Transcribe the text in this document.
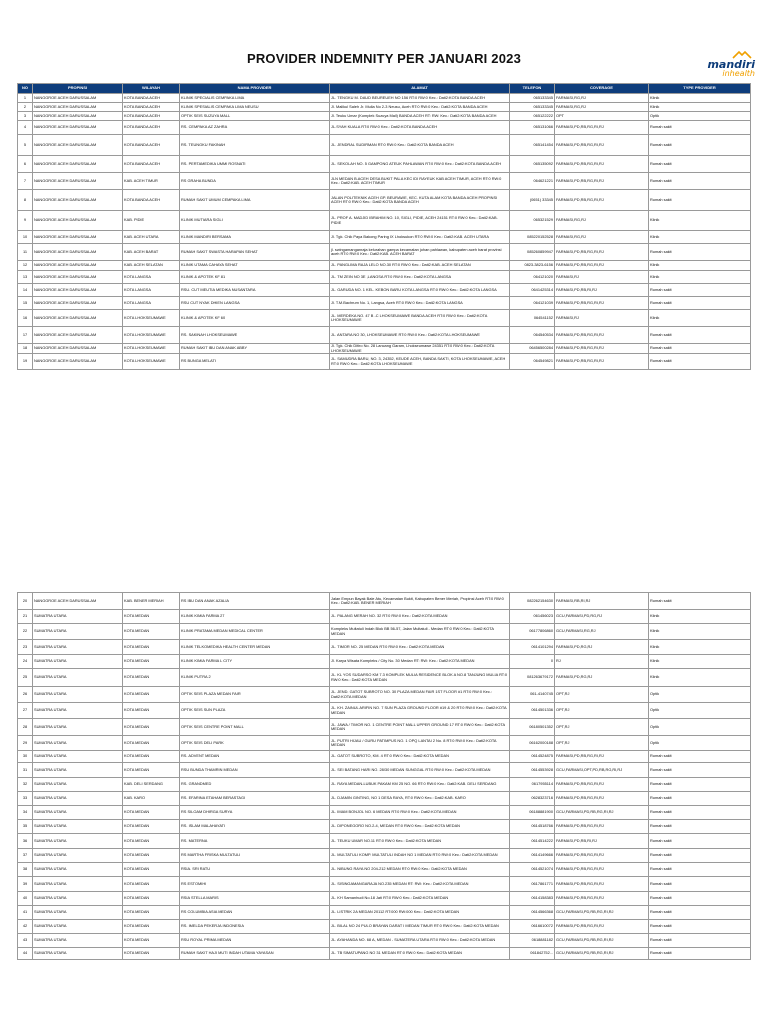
PROVIDER INDEMNITY PER JANUARI 2023	mandiri
inhealth
NO	PROPINSI	WILAYAH	NAMA PROVIDER	ALAMAT	TELEFON	COVERAGE	TYPE PROVIDER
1	NANGGROE ACEH DARUSSALAM	KOTA BANDA ACEH	KLINIK SPECIALIS CEMPAKA LIMA	JL. TENGKU M. DAUD BEUREUEH NO 156 RT:0 RW:0 Kec.: Dati2:KOTA BANDA ACEH	065133345	FARMASI,RG,RJ	Klinik
2	NANGGROE ACEH DARUSSALAM	KOTA BANDA ACEH	KLINIK SPESIALIS CEMPAKA LIMA NEUSU	Jl. Malikul Saleh Jr. Mulia No 2-3 Neusu, Aceh RT:0 RW:0 Kec.: Dati2:KOTA BANDA ACEH	065133345	FARMASI,RG,RJ	Klinik
3	NANGGROE ACEH DARUSSALAM	KOTA BANDA ACEH	OPTIK SEIS SUZUYA MALL	Jl. Teuku Umar (Komplek Suzuya Mall) BANDA ACEH RT: RW: Kec.: Dati2:KOTA BANDA ACEH	065122222	OPT	Optik
4	NANGGROE ACEH DARUSSALAM	KOTA BANDA ACEH	RS. CEMPAKA AZ ZAHRA	JL.SYAH KUALA RT:0 RW:0 Kec.: Dati2:KOTA BANDA ACEH	065131066	FARMASI,PD,RB,RG,RI,RJ	Rumah sakit
5	NANGGROE ACEH DARUSSALAM	KOTA BANDA ACEH	RS. TEUNGKU FAKINAH	JL. JENDRAL SUDIRMAN RT:0 RW:0 Kec.: Dati2:KOTA BANDA ACEH	065141454	FARMASI,PD,RB,RG,RI,RJ	Rumah sakit
6	NANGGROE ACEH DARUSSALAM	KOTA BANDA ACEH	RS. PERTAMEDIKA UMMI ROSNATI	JL. SEKOLAH NO. 5 GAMPONG ATEUK PAHLAWAN RT:0 RW:0 Kec.: Dati2:KOTA BANDA ACEH	065135092	FARMASI,PD,RB,RG,RI,RJ	Rumah sakit
7	NANGGROE ACEH DARUSSALAM	KAB. ACEH TIMUR	RS GRAHA BUNDA	JLN MEDAN B.ACEH DESA BUKIT PALA KEC IDI RAYEUK KAB ACEH TIMUR, ACEH RT:0 RW:0 Kec.: Dati2:KAB. ACEH TIMUR	064621221	FARMASI,PD,RB,RG,RI,RJ	Rumah sakit
8	NANGGROE ACEH DARUSSALAM	KOTA BANDA ACEH	RUMAH SAKIT UMUM CEMPAKA LIMA	JALAN POLITEKNIK ACEH GP. BEURAWE, KEC. KUTA ALAM KOTA BANDA ACEH PROPINSI ACEH RT:0 RW:0 Kec.: Dati2:KOTA BANDA ACEH	(0651) 33345	FARMASI,PD,RB,RG,RI,RJ	Rumah sakit
9	NANGGROE ACEH DARUSSALAM	KAB. PIDIE	KLINIK MUTIARA SIGLI	JL. PROF A. MADJID IBRAHIM NO. 10, SIGLI, PIDIE, ACEH 24151 RT:0 RW:0 Kec.: Dati2:KAB. PIDIE	065321529	FARMASI,RG,RJ	Klinik
10	NANGGROE ACEH DARUSSALAM	KAB. ACEH UTARA	KLINIK MANDIRI BERSAMA	Jl. Tgk. Chik Paya Bakong Paring IX Lhoksukon RT:0 RW:0 Kec.: Dati2:KAB. ACEH UTARA	085220152528	FARMASI,RG,RJ	Klinik
11	NANGGROE ACEH DARUSSALAM	KAB. ACEH BARAT	RUMAH SAKIT SWASTA HARAPAN SEHAT	jl. swingamanganraja kelurahan gampa kecamatan johan pahlawan, kabupaten aceh barat provinsi aceh RT:0 RW:0 Kec.: Dati2:KAB. ACEH BARAT	085260859947	FARMASI,PD,RB,RG,RI,RJ	Rumah sakit
12	NANGGROE ACEH DARUSSALAM	KAB. ACEH SELATAN	KLINIK UTAMA CAHAYA SEHAT	JL. PANGLIMA RAJA LELO NO.30 RT:0 RW:0 Kec.: Dati2:KAB. ACEH SELATAN	0823-3823-6156	FARMASI,PD,RB,RG,RI,RJ	Klinik
13	NANGGROE ACEH DARUSSALAM	KOTA LANGSA	KLINIK & APOTEK KF 81	JL. TM ZEIN NO 3E ,LANGSA RT:0 RW:0 Kec.: Dati2:KOTA LANGSA	064121020	FARMASI,RJ	Klinik
14	NANGGROE ACEH DARUSSALAM	KOTA LANGSA	RSU. CUT MEUTIA MEDIKA NUSANTARA	JL. GARUDA NO. 1 KEL. KEBON BARU KOTA LANGSA RT:0 RW:0 Kec.: Dati2:KOTA LANGSA	0641425314	FARMASI,PD,RB,RI,RJ	Rumah sakit
15	NANGGROE ACEH DARUSSALAM	KOTA LANGSA	RSU CUT NYAK DHIEN LANGSA	Jl. T.M.Bachrum No. 1, Langsa, Aceh RT:0 RW:0 Kec.: Dati2:KOTA LANGSA	064121039	FARMASI,PD,RB,RG,RI,RJ	Rumah sakit
16	NANGGROE ACEH DARUSSALAM	KOTA LHOKSEUMAWE	KLINIK & APOTEK KF 60	JL. MERDEKA NO. 47 B -C LHOKSEUMAWE BANDA ACEH RT:0 RW:0 Kec.: Dati2:KOTA LHOKSEUMAWE	064541152	FARMASI,RJ	Klinik
17	NANGGROE ACEH DARUSSALAM	KOTA LHOKSEUMAWE	RS. SAKINAH LHOKSEUMAWE	JL. ANTARA NO 30, LHOKSEUMAWE RT:0 RW:0 Kec.: Dati2:KOTA LHOKSEUMAWE	064540534	FARMASI,PD,RB,RG,RI,RJ	Rumah sakit
18	NANGGROE ACEH DARUSSALAM	KOTA LHOKSEUMAWE	RUMAH SAKIT IBU DAN ANAK ABBY	Jl. Tgk. Chik Ditiro No. 28 Lancang Garam, Lhokseumawe 24351 RT:0 RW:0 Kec.: Dati2:KOTA LHOKSEUMAWE	06456500284	FARMASI,PD,RB,RG,RI,RJ	Rumah sakit
19	NANGGROE ACEH DARUSSALAM	KOTA LHOKSEUMAWE	RS BUNGA MELATI	JL. SAMUDRA BARU, NO. 3, 24352, KEUDE ACEH, BANDA SAKTI, KOTA LHOKSEUMAWE, ACEH RT:0 RW:0 Kec.: Dati2:KOTA LHOKSEUMAWE	064549821	FARMASI,PD,RB,RG,RI,RJ	Rumah sakit
20	NANGGROE ACEH DARUSSALAM	KAB. BENER MERIAH	RS IBU DAN ANAK AZALIA	Jalan Empun Bayak Bale Atu, Kecamatan Bukit, Kabupaten Bener Meriah, Propinsi Aceh RT:0 RW:0 Kec.: Dati2:KAB. BENER MERIAH	082262154630	FARMASI,RB,RI,RJ	Rumah sakit
21	SUMATRA UTARA	KOTA MEDAN	KLINIK KIMIA FARMA 27	JL. PALANG MERAH NO. 32 RT:0 RW:0 Kec.: Dati2:KOTA MEDAN	061456023	GCU,FARMASI,PD,RG,RJ	Klinik
22	SUMATRA UTARA	KOTA MEDAN	KLINIK PRATAMA MEDAN MEDICAL CENTER	Kompleks Multatuli Indah Blok BB 56-57, Jalan Multatuli - Medan RT:0 RW:0 Kec.: Dati2:KOTA MEDAN	06177806860	GCU,FARMASI,RG,RJ	Klinik
23	SUMATRA UTARA	KOTA MEDAN	KLINIK TELKOMEDIKA HEALTH CENTER MEDAN	JL. TIMOR NO. 25 MEDAN RT:0 RW:0 Kec.: Dati2:KOTA MEDAN	0614101294	FARMASI,PD,RG,RJ	Klinik
24	SUMATRA UTARA	KOTA MEDAN	KLINIK KIMIA FARMA L CITY	Jl. Karya Wisata Kompleks / City No. 30 Medan RT: RW: Kec.: Dati2:KOTA MEDAN	0	RJ	Klinik
25	SUMATRA UTARA	KOTA MEDAN	KLINIK PUTRA 2	JL. KL YOS SUDARSO KM 7.3 KOMPLEK MULIA RESIDENCE BLOK A NO.8 TANJUNG MULIA RT:0 RW:0 Kec.: Dati2:KOTA MEDAN	081263679172	FARMASI,PD,RG,RJ	Klinik
26	SUMATRA UTARA	KOTA MEDAN	OPTIK SEIS PLAZA MEDAN FAIR	JL. JEND. GATOT SUBROTO NO. 30 PLAZA MEDAN FAIR 1ST FLOOR #1 RT:0 RW:0 Kec.: Dati2:KOTA MEDAN	061-4140745	OPT,RJ	Optik
27	SUMATRA UTARA	KOTA MEDAN	OPTIK SEIS SUN PLAZA	JL. KH. ZAINUL ARIFIN NO. 7 SUN PLAZA GROUND FLOOR #19 & 20 RT:0 RW:0 Kec.: Dati2:KOTA MEDAN	0614501336	OPT,RJ	Optik
28	SUMATRA UTARA	KOTA MEDAN	OPTIK SEIS CENTRE POINT MALL	JL. JAWA / TIMOR NO. 1 CENTRE POINT MALL UPPER GROUND 17 RT:0 RW:0 Kec.: Dati2:KOTA MEDAN	06180501352	OPT,RJ	Optik
29	SUMATRA UTARA	KOTA MEDAN	OPTIK SEIS DELI PARK	JL. PUTRI HIJAU / GURU PATIMPUS NO. 1 OPQ LANTAI 2 No. 8 RT:0 RW:0 Kec.: Dati2:KOTA MEDAN	06162000188	OPT,RJ	Optik
30	SUMATRA UTARA	KOTA MEDAN	RS. ADVENT MEDAN	JL. GATOT SUBROTO, KM. 4 RT:0 RW:0 Kec.: Dati2:KOTA MEDAN	0614524875	FARMASI,PD,RB,RG,RI,RJ	Rumah sakit
31	SUMATRA UTARA	KOTA MEDAN	RSU BUNDA THAMRIN MEDAN	JL. SEI BATANG HARI NO. 28/30 MEDAN SUNGGAL RT:0 RW:0 Kec.: Dati2:KOTA MEDAN	0614553928	GCU,FARMASI,OPT,PD,RB,RG,RI,RJ	Rumah sakit
32	SUMATRA UTARA	KAB. DELI SERDANG	RS. GRANDMED	JL. RAYA MEDAN-LUBUK PAKAM KM 25 NO. 66 RT:0 RW:0 Kec.: Dati2:KAB. DELI SERDANG	0617955114	FARMASI,PD,RB,RG,RI,RJ	Rumah sakit
33	SUMATRA UTARA	KAB. KARO	RS. EFARINA ETAHAM BERASTAGI	JL. DJAMIN GINTING, NO 1 DESA RAYA, RT:0 RW:0 Kec.: Dati2:KAB. KARO	0628323716	FARMASI,PD,RB,RG,RI,RJ	Rumah sakit
34	SUMATRA UTARA	KOTA MEDAN	RS SILOAM DHIRGA SURYA	JL. IMAM BONJOL NO. 6 MEDAN RT:0 RW:0 Kec.: Dati2:KOTA MEDAN	06188881900	GCU,FARMASI,PD,RB,RG,RI,RJ	Rumah sakit
35	SUMATRA UTARA	KOTA MEDAN	RS. ISLAM MALAHAYATI	JL. DIPONEGORO NO.2-4, MEDAN RT:0 RW:0 Kec.: Dati2:KOTA MEDAN	0614518766	FARMASI,PD,RB,RG,RI,RJ	Rumah sakit
36	SUMATRA UTARA	KOTA MEDAN	RS. MATERNA	JL. TEUKU UMAR NO.11 RT:0 RW:0 Kec.: Dati2:KOTA MEDAN	0614514222	FARMASI,PD,RB,RI,RJ	Rumah sakit
37	SUMATRA UTARA	KOTA MEDAN	RS MARTHA FRISKA MULTATULI	JL. MULTATULI KOMP. MULTATULI INDAH NO 1 MEDAN RT:0 RW:0 Kec.: Dati2:KOTA MEDAN	0614149666	FARMASI,PD,RB,RG,RI,RJ	Rumah sakit
38	SUMATRA UTARA	KOTA MEDAN	RSIA. SRI RATU	JL. NIBUNG RAYA NO 204-212 MEDAN RT:0 RW:0 Kec.: Dati2:KOTA MEDAN	0614521074	FARMASI,PD,RB,RG,RI,RJ	Rumah sakit
39	SUMATRA UTARA	KOTA MEDAN	RS ESTOMIHI	JL. SISINGAMANGARAJA NO.235 MEDAN RT: RW: Kec.: Dati2:KOTA MEDAN	0617861771	FARMASI,PD,RB,RG,RI,RJ	Rumah sakit
40	SUMATRA UTARA	KOTA MEDAN	RSIA STELLA MARIS	JL. KH Samanhudi No.18 Jati RT:0 RW:0 Kec.: Dati2:KOTA MEDAN	0614158383	FARMASI,PD,RB,RG,RI,RJ	Rumah sakit
41	SUMATRA UTARA	KOTA MEDAN	RS COLUMBIA ASIA MEDAN	JL. LISTRIK 2A MEDAN 20112 RT:000 RW:000 Kec.: Dati2:KOTA MEDAN	0614566368	GCU,FARMASI,PD,RB,RG,RI,RJ	Rumah sakit
42	SUMATRA UTARA	KOTA MEDAN	RS. IMELDA PEKERJA INDONESIA	JL. BILAL NO 24 PULO BRAYAN DARAT I MEDAN TIMUR RT:0 RW:0 Kec.: Dati2:KOTA MEDAN	0616610072	FARMASI,PD,RB,RG,RI,RJ	Rumah sakit
43	SUMATRA UTARA	KOTA MEDAN	RSU ROYAL PRIMA MEDAN	JL. AYAHANDA NO. 68 A, MEDAN - SUMATERA UTARA RT:0 RW:0 Kec.: Dati2:KOTA MEDAN	0618881182	GCU,FARMASI,PD,RB,RG,RI,RJ	Rumah sakit
44	SUMATRA UTARA	KOTA MEDAN	RUMAH SAKIT HAJI MUTI INDAH UTAMA YAYASAN	JL. TB SIMATUPANG NO 31 MEDAN RT:0 RW:0 Kec.: Dati2:KOTA MEDAN	061842752...	GCU,FARMASI,PD,RB,RG,RI,RJ	Rumah sakit
